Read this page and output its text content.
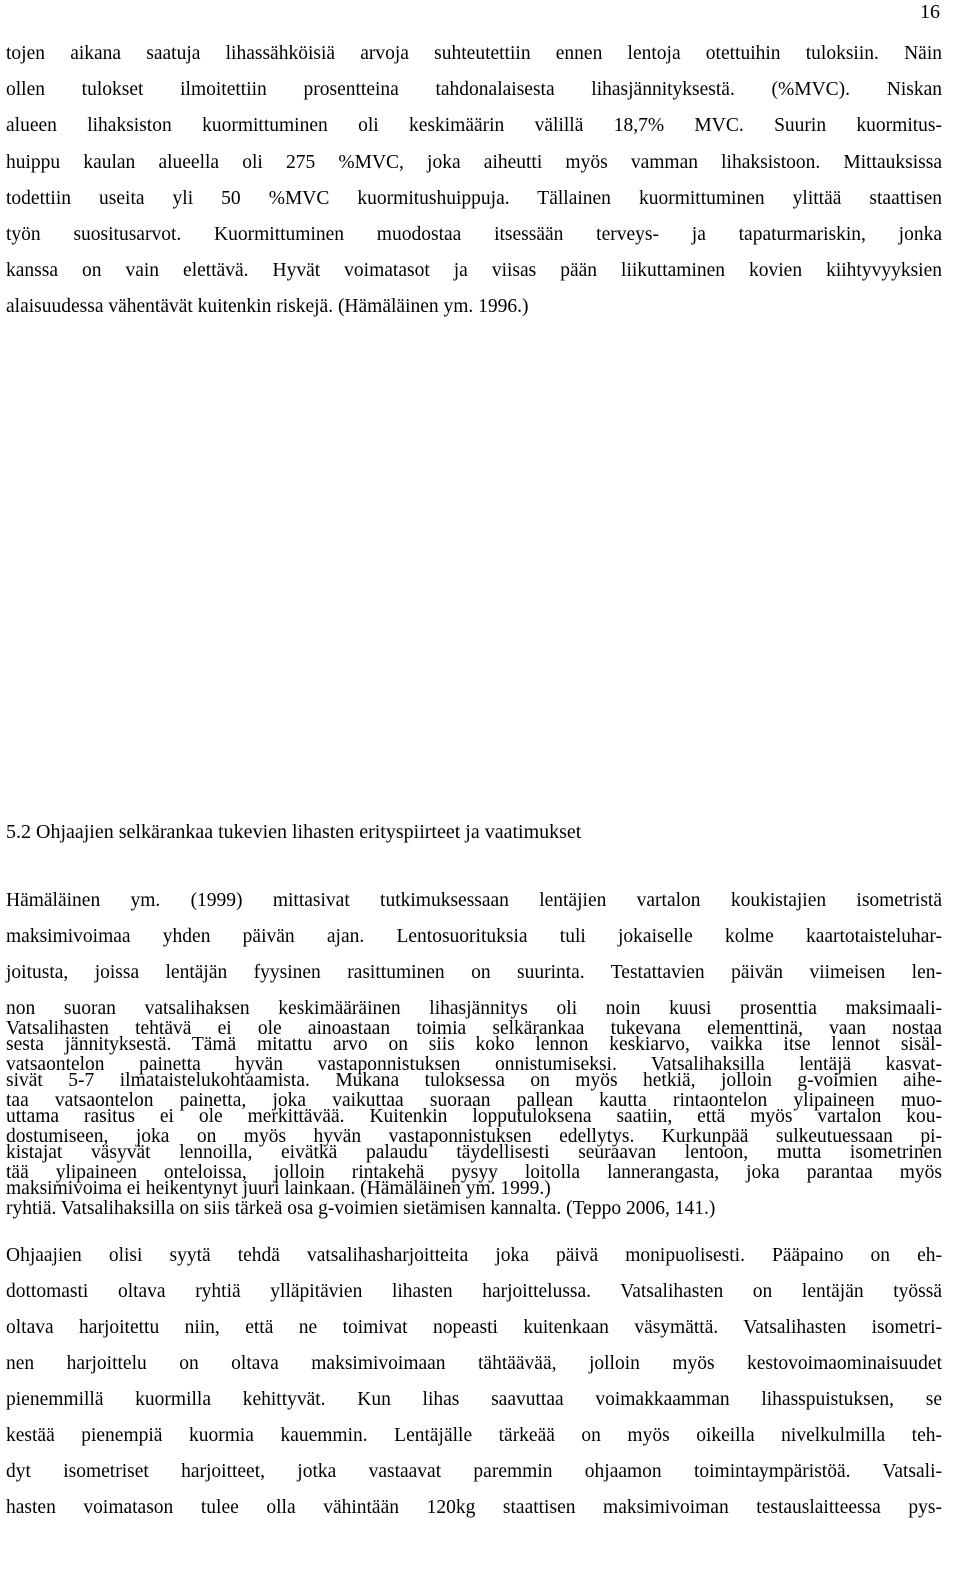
16
tojen aikana saatuja lihassähköisiä arvoja suhteutettiin ennen lentoja otettuihin tuloksiin. Näin
ollen tulokset ilmoitettiin prosentteina tahdonalaisesta lihasjännityksestä. (%MVC). Niskan
alueen lihaksiston kuormittuminen oli keskimäärin välillä 18,7% MVC. Suurin kuormitus-
huippu kaulan alueella oli 275 %MVC, joka aiheutti myös vamman lihaksistoon. Mittauksissa
todettiin useita yli 50 %MVC kuormitushuippuja. Tällainen kuormittuminen ylittää staattisen
työn suositusarvot. Kuormittuminen muodostaa itsessään terveys- ja tapaturmariskin, jonka
kanssa on vain elettävä. Hyvät voimatasot ja viisas pään liikuttaminen kovien kiihtyvyyksien
alaisuudessa vähentävät kuitenkin riskejä. (Hämäläinen ym. 1996.)
5.2 Ohjaajien selkärankaa tukevien lihasten erityspiirteet ja vaatimukset
Hämäläinen ym. (1999) mittasivat tutkimuksessaan lentäjien vartalon koukistajien isometristä
maksimivoimaa yhden päivän ajan. Lentosuorituksia tuli jokaiselle kolme kaartotaisteluhar-
joitusta, joissa lentäjän fyysinen rasittuminen on suurinta. Testattavien päivän viimeisen len-
non suoran vatsalihaksen keskimääräinen lihasjännitys oli noin kuusi prosenttia maksimaali-
sesta jännityksestä. Tämä mitattu arvo on siis koko lennon keskiarvo, vaikka itse lennot sisäl-
sivät 5-7 ilmataistelukohtaamista. Mukana tuloksessa on myös hetkiä, jolloin g-voimien aihe-
uttama rasitus ei ole merkittävää. Kuitenkin lopputuloksena saatiin, että myös vartalon kou-
kistajat väsyvät lennoilla, eivätkä palaudu täydellisesti seuraavan lentoon, mutta isometrinen
maksimivoima ei heikentynyt juuri lainkaan. (Hämäläinen ym. 1999.)
Vatsalihasten tehtävä ei ole ainoastaan toimia selkärankaa tukevana elementtinä, vaan nostaa
vatsaontelon painetta hyvän vastaponnistuksen onnistumiseksi. Vatsalihaksilla lentäjä kasvat-
taa vatsaontelon painetta, joka vaikuttaa suoraan pallean kautta rintaontelon ylipaineen muo-
dostumiseen, joka on myös hyvän vastaponnistuksen edellytys. Kurkunpää sulkeutuessaan pi-
tää ylipaineen onteloissa, jolloin rintakehä pysyy loitolla lannerangasta, joka parantaa myös
ryhtiä. Vatsalihaksilla on siis tärkeä osa g-voimien sietämisen kannalta. (Teppo 2006, 141.)
Ohjaajien olisi syytä tehdä vatsalihasharjoitteita joka päivä monipuolisesti. Pääpaino on eh-
dottomasti oltava ryhtiä ylläpitävien lihasten harjoittelussa. Vatsalihasten on lentäjän työssä
oltava harjoitettu niin, että ne toimivat nopeasti kuitenkaan väsymättä. Vatsalihasten isometri-
nen harjoittelu on oltava maksimivoimaan tähtäävää, jolloin myös kestovoimaominaisuudet
pienemmillä kuormilla kehittyvät. Kun lihas saavuttaa voimakkaamman lihasspuistuksen, se
kestää pienempiä kuormia kauemmin. Lentäjälle tärkeää on myös oikeilla nivelkulmilla teh-
dyt isometriset harjoitteet, jotka vastaavat paremmin ohjaamon toimintaympäristöä. Vatsali-
hasten voimatason tulee olla vähintään 120kg staattisen maksimivoiman testauslaitteessa pys-
